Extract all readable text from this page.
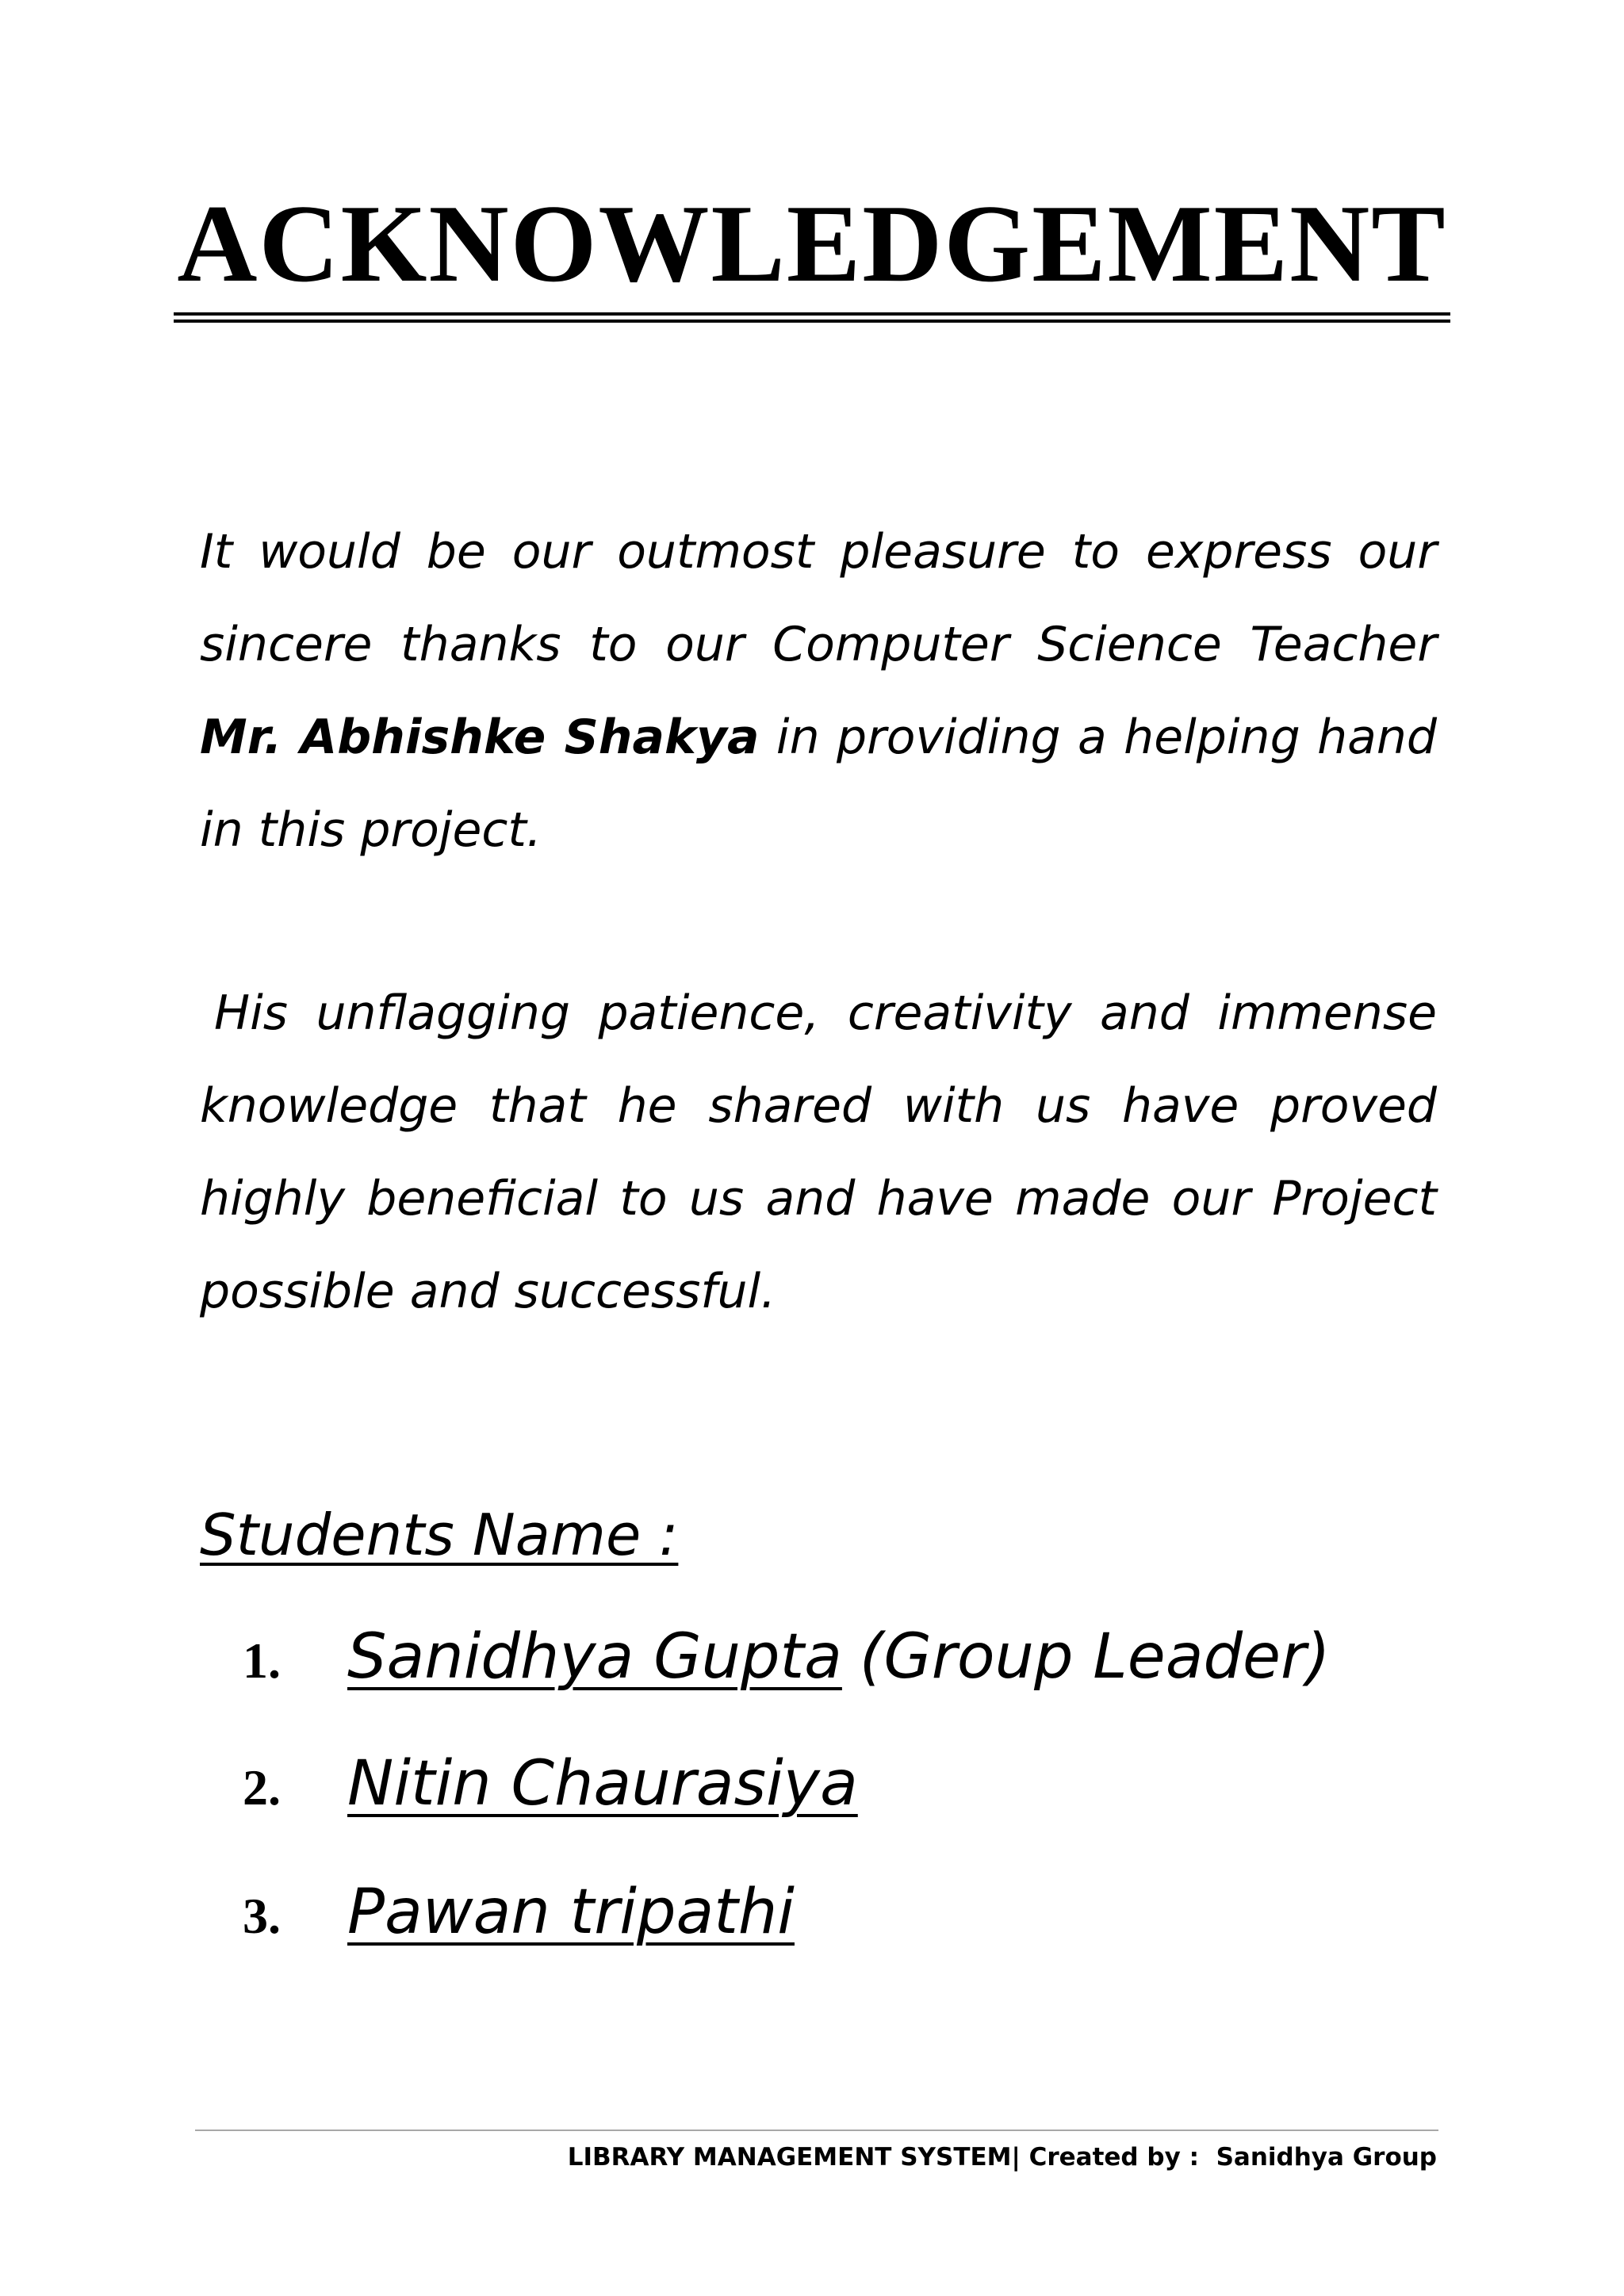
ACKNOWLEDGEMENT

It would be our outmost pleasure to express our sincere thanks to our Computer Science Teacher Mr. Abhishke Shakya in providing a helping hand in this project.

His unflagging patience, creativity and immense knowledge that he shared with us have proved highly beneficial to us and have made our Project possible and successful.

Students Name :
1.	Sanidhya Gupta (Group Leader)
2.	Nitin Chaurasiya
3.	Pawan tripathi
LIBRARY MANAGEMENT SYSTEM| Created by :  Sanidhya Group
